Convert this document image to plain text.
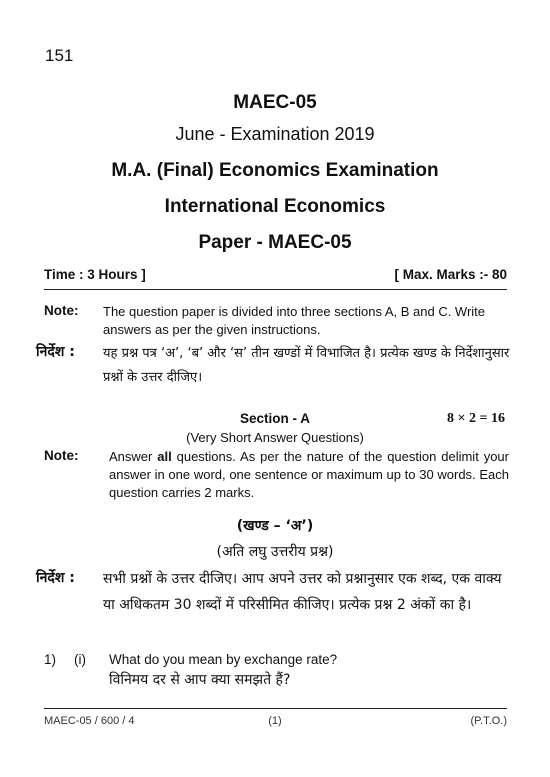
151
MAEC-05
June - Examination 2019
M.A. (Final) Economics Examination
International Economics
Paper - MAEC-05
Time : 3 Hours ]	[ Max. Marks :- 80
Note: The question paper is divided into three sections A, B and C. Write answers as per the given instructions.
निर्देश : यह प्रश्न पत्र ‘अ’, ‘ब’ और ‘स’ तीन खण्डों में विभाजित है। प्रत्येक खण्ड के निर्देशानुसार प्रश्नों के उत्तर दीजिए।
Section - A	8 × 2 = 16
(Very Short Answer Questions)
Note: Answer all questions. As per the nature of the question delimit your answer in one word, one sentence or maximum up to 30 words. Each question carries 2 marks.
(खण्ड – ‘अ’)
(अति लघु उत्तरीय प्रश्न)
निर्देश : सभी प्रश्नों के उत्तर दीजिए। आप अपने उत्तर को प्रश्नानुसार एक शब्द, एक वाक्य या अधिकतम 30 शब्दों में परिसीमित कीजिए। प्रत्येक प्रश्न 2 अंकों का है।
1) (i) What do you mean by exchange rate?
विनिमय दर से आप क्या समझते हैं?
MAEC-05 / 600 / 4	(1)	(P.T.O.)
